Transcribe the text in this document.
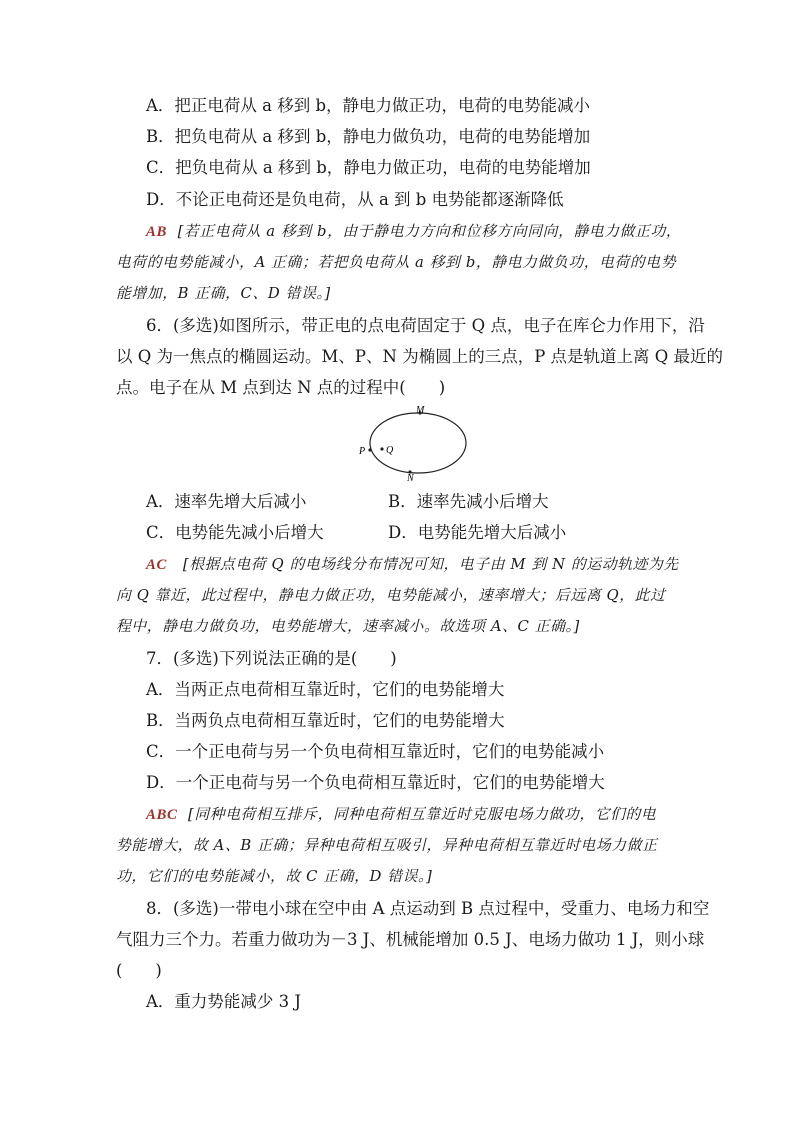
A．把正电荷从 a 移到 b，静电力做正功，电荷的电势能减小
B．把负电荷从 a 移到 b，静电力做负功，电荷的电势能增加
C．把负电荷从 a 移到 b，静电力做正功，电荷的电势能增加
D．不论正电荷还是负电荷，从 a 到 b 电势能都逐渐降低
AB [若正电荷从 a 移到 b，由于静电力方向和位移方向同向，静电力做正功，
电荷的电势能减小，A 正确；若把负电荷从 a 移到 b，静电力做负功，电荷的电势
能增加，B 正确，C、D 错误。]
6．(多选)如图所示，带正电的点电荷固定于 Q 点，电子在库仑力作用下，沿
以 Q 为一焦点的椭圆运动。M、P、N 为椭圆上的三点，P 点是轨道上离 Q 最近的
点。电子在从 M 点到达 N 点的过程中(　　)
M
P Q
N
A．速率先增大后减小	B．速率先减小后增大
C．电势能先减小后增大	D．电势能先增大后减小
AC [根据点电荷 Q 的电场线分布情况可知，电子由 M 到 N 的运动轨迹为先
向 Q 靠近，此过程中，静电力做正功，电势能减小，速率增大；后远离 Q，此过
程中，静电力做负功，电势能增大，速率减小。故选项 A、C 正确。]
7．(多选)下列说法正确的是(　　)
A．当两正点电荷相互靠近时，它们的电势能增大
B．当两负点电荷相互靠近时，它们的电势能增大
C．一个正电荷与另一个负电荷相互靠近时，它们的电势能减小
D．一个正电荷与另一个负电荷相互靠近时，它们的电势能增大
ABC [同种电荷相互排斥，同种电荷相互靠近时克服电场力做功，它们的电
势能增大，故 A、B 正确；异种电荷相互吸引，异种电荷相互靠近时电场力做正
功，它们的电势能减小，故 C 正确，D 错误。]
8．(多选)一带电小球在空中由 A 点运动到 B 点过程中，受重力、电场力和空
气阻力三个力。若重力做功为－3 J、机械能增加 0.5 J、电场力做功 1 J，则小球
(　　)
A．重力势能减少 3 J
